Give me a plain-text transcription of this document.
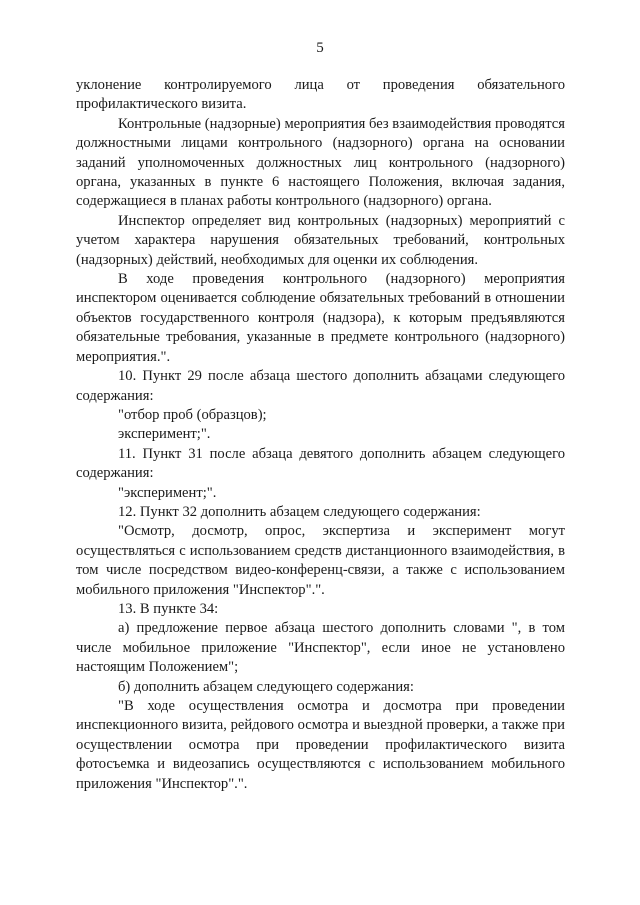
5

уклонение контролируемого лица от проведения обязательного профилактического визита.

Контрольные (надзорные) мероприятия без взаимодействия проводятся должностными лицами контрольного (надзорного) органа на основании заданий уполномоченных должностных лиц контрольного (надзорного) органа, указанных в пункте 6 настоящего Положения, включая задания, содержащиеся в планах работы контрольного (надзорного) органа.

Инспектор определяет вид контрольных (надзорных) мероприятий с учетом характера нарушения обязательных требований, контрольных (надзорных) действий, необходимых для оценки их соблюдения.

В ходе проведения контрольного (надзорного) мероприятия инспектором оценивается соблюдение обязательных требований в отношении объектов государственного контроля (надзора), к которым предъявляются обязательные требования, указанные в предмете контрольного (надзорного) мероприятия.".

10. Пункт 29 после абзаца шестого дополнить абзацами следующего содержания:

"отбор проб (образцов);

эксперимент;".

11. Пункт 31 после абзаца девятого дополнить абзацем следующего содержания:

"эксперимент;".

12. Пункт 32 дополнить абзацем следующего содержания:

"Осмотр, досмотр, опрос, экспертиза и эксперимент могут осуществляться с использованием средств дистанционного взаимодействия, в том числе посредством видео-конференц-связи, а также с использованием мобильного приложения "Инспектор".".

13. В пункте 34:

а) предложение первое абзаца шестого дополнить словами ", в том числе мобильное приложение "Инспектор", если иное не установлено настоящим Положением";

б) дополнить абзацем следующего содержания:

"В ходе осуществления осмотра и досмотра при проведении инспекционного визита, рейдового осмотра и выездной проверки, а также при осуществлении осмотра при проведении профилактического визита фотосъемка и видеозапись осуществляются с использованием мобильного приложения "Инспектор".".
